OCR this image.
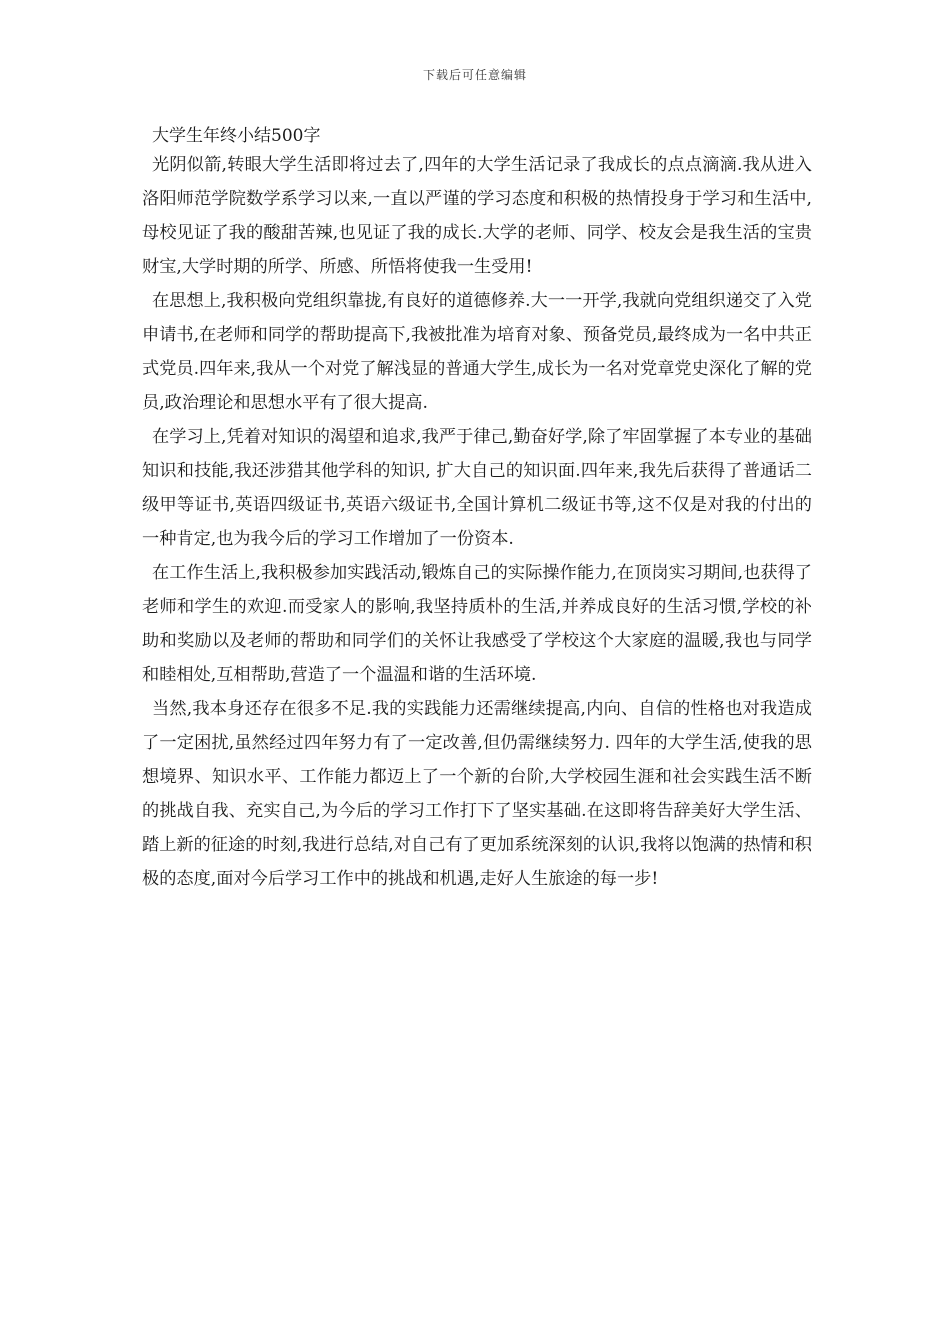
下载后可任意编辑
大学生年终小结500字

光阴似箭,转眼大学生活即将过去了,四年的大学生活记录了我成长的点点滴滴.我从进入洛阳师范学院数学系学习以来,一直以严谨的学习态度和积极的热情投身于学习和生活中,母校见证了我的酸甜苦辣,也见证了我的成长.大学的老师、同学、校友会是我生活的宝贵财宝,大学时期的所学、所感、所悟将使我一生受用!

在思想上,我积极向党组织靠拢,有良好的道德修养.大一一开学,我就向党组织递交了入党申请书,在老师和同学的帮助提高下,我被批准为培育对象、预备党员,最终成为一名中共正式党员.四年来,我从一个对党了解浅显的普通大学生,成长为一名对党章党史深化了解的党员,政治理论和思想水平有了很大提高.

在学习上,凭着对知识的渴望和追求,我严于律己,勤奋好学,除了牢固掌握了本专业的基础知识和技能,我还涉猎其他学科的知识, 扩大自己的知识面.四年来,我先后获得了普通话二级甲等证书,英语四级证书,英语六级证书,全国计算机二级证书等,这不仅是对我的付出的一种肯定,也为我今后的学习工作增加了一份资本.

在工作生活上,我积极参加实践活动,锻炼自己的实际操作能力,在顶岗实习期间,也获得了老师和学生的欢迎.而受家人的影响,我坚持质朴的生活,并养成良好的生活习惯,学校的补助和奖励以及老师的帮助和同学们的关怀让我感受了学校这个大家庭的温暖,我也与同学和睦相处,互相帮助,营造了一个温温和谐的生活环境.

当然,我本身还存在很多不足.我的实践能力还需继续提高,内向、自信的性格也对我造成了一定困扰,虽然经过四年努力有了一定改善,但仍需继续努力. 四年的大学生活,使我的思想境界、知识水平、工作能力都迈上了一个新的台阶,大学校园生涯和社会实践生活不断的挑战自我、充实自己,为今后的学习工作打下了坚实基础.在这即将告辞美好大学生活、踏上新的征途的时刻,我进行总结,对自己有了更加系统深刻的认识,我将以饱满的热情和积极的态度,面对今后学习工作中的挑战和机遇,走好人生旅途的每一步!
